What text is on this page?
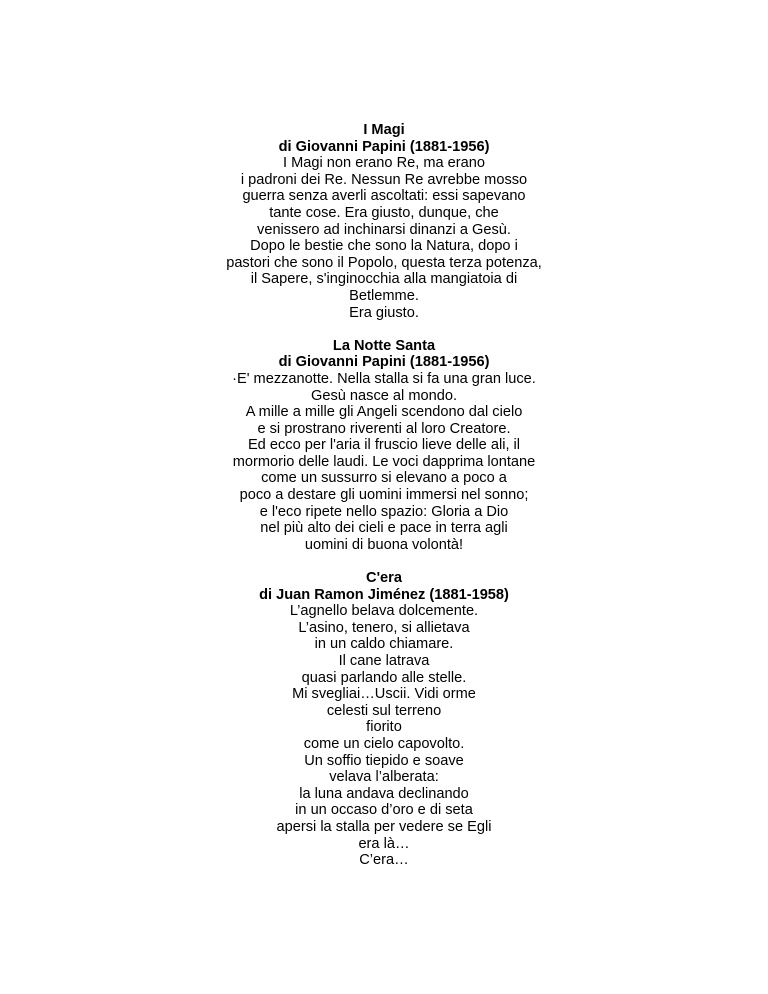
I Magi
di Giovanni Papini (1881-1956)
I Magi non erano Re, ma erano
i padroni dei Re. Nessun Re avrebbe mosso
guerra senza averli ascoltati: essi sapevano
tante cose. Era giusto, dunque, che
venissero ad inchinarsi dinanzi a Gesù.
Dopo le bestie che sono la Natura, dopo i
pastori che sono il Popolo, questa terza potenza,
il Sapere, s'inginocchia alla mangiatoia di
Betlemme.
Era giusto.
La Notte Santa
di Giovanni Papini (1881-1956)
·E' mezzanotte. Nella stalla si fa una gran luce.
Gesù nasce al mondo.
A mille a mille gli Angeli scendono dal cielo
e si prostrano riverenti al loro Creatore.
Ed ecco per l'aria il fruscio lieve delle ali, il
mormorio delle laudi. Le voci dapprima lontane
come un sussurro si elevano a poco a
poco a destare gli uomini immersi nel sonno;
e l'eco ripete nello spazio: Gloria a Dio
nel più alto dei cieli e pace in terra agli
uomini di buona volontà!
C'era
di Juan Ramon Jiménez (1881-1958)
L’agnello belava dolcemente.
L’asino, tenero, si allietava
in un caldo chiamare.
Il cane latrava
quasi parlando alle stelle.
Mi svegliai…Uscii. Vidi orme
celesti sul terreno
fiorito
come un cielo capovolto.
Un soffio tiepido e soave
velava l’alberata:
la luna andava declinando
in un occaso d’oro e di seta
apersi la stalla per vedere se Egli
era là…
C’era…
